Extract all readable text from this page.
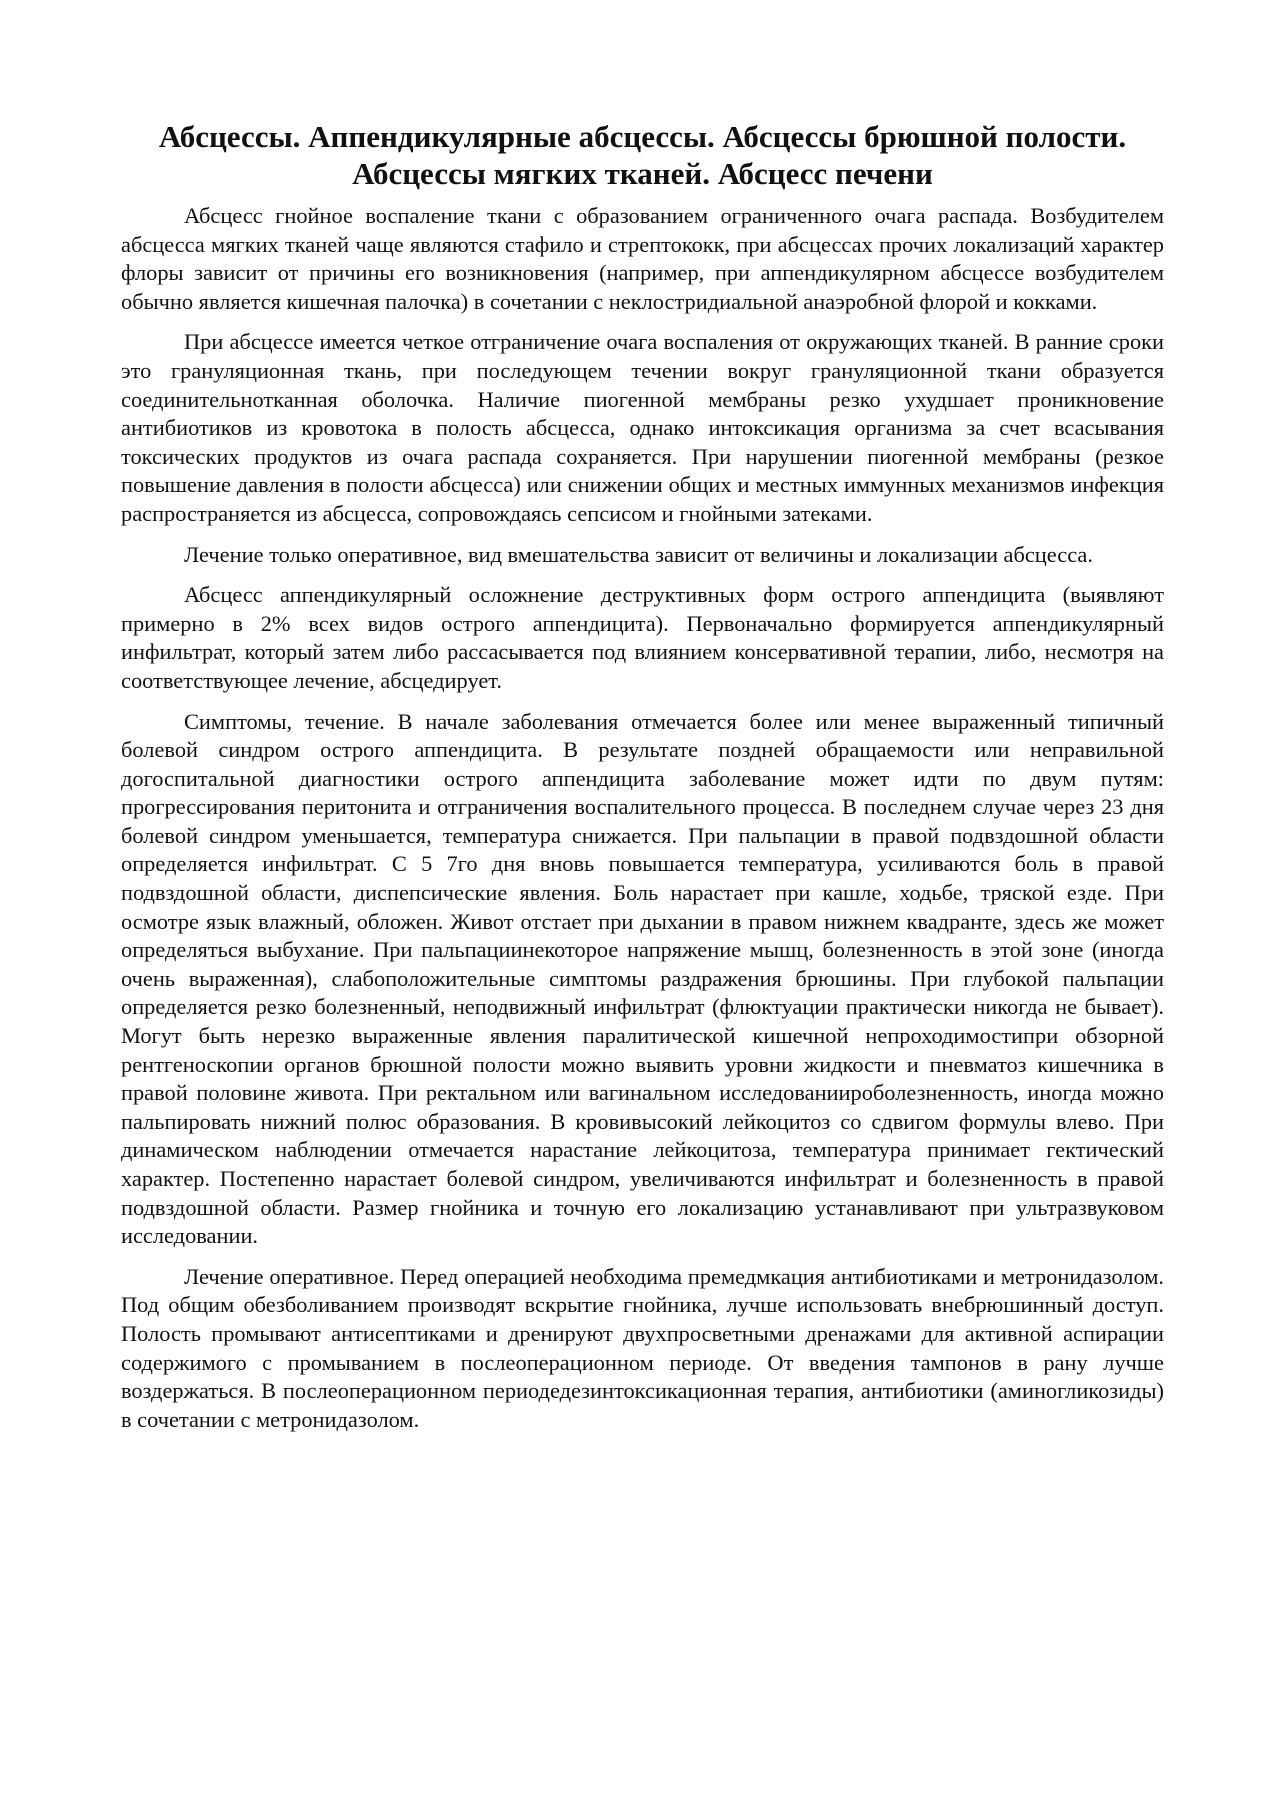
Абсцессы. Аппендикулярные абсцессы. Абсцессы брюшной полости. Абсцессы мягких тканей. Абсцесс печени

Абсцесс гнойное воспаление ткани с образованием ограниченного очага распада. Возбудителем абсцесса мягких тканей чаще являются стафило и стрептококк, при абсцессах прочих локализаций характер флоры зависит от причины его возникновения (например, при аппендикулярном абсцессе возбудителем обычно является кишечная палочка) в сочетании с неклостридиальной анаэробной флорой и кокками.

При абсцессе имеется четкое отграничение очага воспаления от окружающих тканей. В ранние сроки это грануляционная ткань, при последующем течении вокруг грануляционной ткани образуется соединительнотканная оболочка. Наличие пиогенной мембраны резко ухудшает проникновение антибиотиков из кровотока в полость абсцесса, однако интоксикация организма за счет всасывания токсических продуктов из очага распада сохраняется. При нарушении пиогенной мембраны (резкое повышение давления в полости абсцесса) или снижении общих и местных иммунных механизмов инфекция распространяется из абсцесса, сопровождаясь сепсисом и гнойными затеками.

Лечение только оперативное, вид вмешательства зависит от величины и локализации абсцесса.

Абсцесс аппендикулярный осложнение деструктивных форм острого аппендицита (выявляют примерно в 2% всех видов острого аппендицита). Первоначально формируется аппендикулярный инфильтрат, который затем либо рассасывается под влиянием консервативной терапии, либо, несмотря на соответствующее лечение, абсцедирует.

Симптомы, течение. В начале заболевания отмечается более или менее выраженный типичный болевой синдром острого аппендицита. В результате поздней обращаемости или неправильной догоспитальной диагностики острого аппендицита заболевание может идти по двум путям: прогрессирования перитонита и отграничения воспалительного процесса. В последнем случае через 23 дня болевой синдром уменьшается, температура снижается. При пальпации в правой подвздошной области определяется инфильтрат. С 5 7го дня вновь повышается температура, усиливаются боль в правой подвздошной области, диспепсические явления. Боль нарастает при кашле, ходьбе, тряской езде. При осмотре язык влажный, обложен. Живот отстает при дыхании в правом нижнем квадранте, здесь же может определяться выбухание. При пальпациинекоторое напряжение мышц, болезненность в этой зоне (иногда очень выраженная), слабоположительные симптомы раздражения брюшины. При глубокой пальпации определяется резко болезненный, неподвижный инфильтрат (флюктуации практически никогда не бывает). Могут быть нерезко выраженные явления паралитической кишечной непроходимостипри обзорной рентгеноскопии органов брюшной полости можно выявить уровни жидкости и пневматоз кишечника в правой половине живота. При ректальном или вагинальном исследованиироболезненность, иногда можно пальпировать нижний полюс образования. В кровивысокий лейкоцитоз со сдвигом формулы влево. При динамическом наблюдении отмечается нарастание лейкоцитоза, температура принимает гектический характер. Постепенно нарастает болевой синдром, увеличиваются инфильтрат и болезненность в правой подвздошной области. Размер гнойника и точную его локализацию устанавливают при ультразвуковом исследовании.

Лечение оперативное. Перед операцией необходима премедмкация антибиотиками и метронидазолом. Под общим обезболиванием производят вскрытие гнойника, лучше использовать внебрюшинный доступ. Полость промывают антисептиками и дренируют двухпросветными дренажами для активной аспирации содержимого с промыванием в послеоперационном периоде. От введения тампонов в рану лучше воздержаться. В послеоперационном периодедезинтоксикационная терапия, антибиотики (аминогликозиды) в сочетании с метронидазолом.
